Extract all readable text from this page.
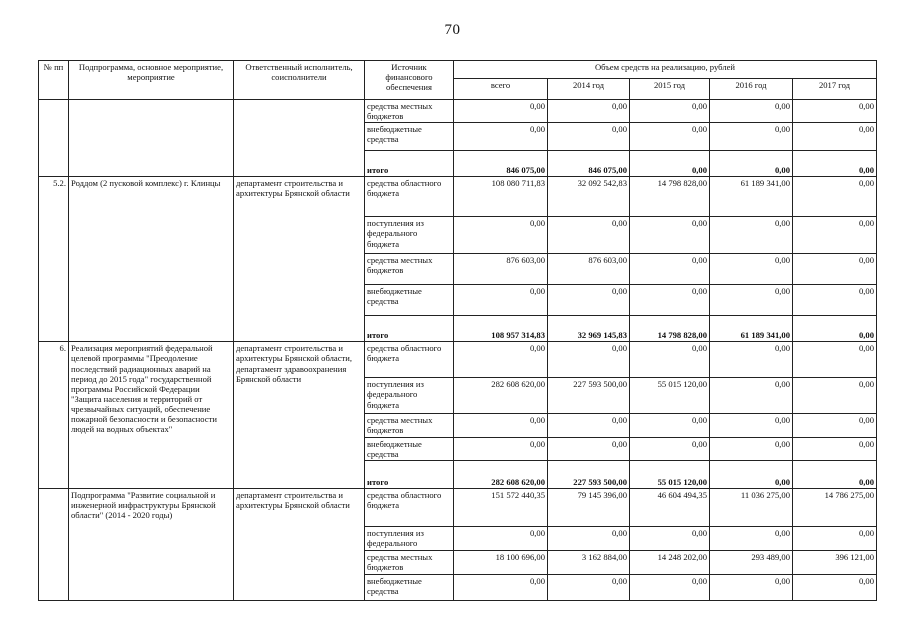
70
№ пп	Подпрограмма, основное мероприятие, мероприятие	Ответственный исполнитель, соисполнители	Источник финансового обеспечения	Объем средств на реализацию, рублей				
				всего	2014 год	2015 год	2016 год	2017 год
			средства местных бюджетов	0,00	0,00	0,00	0,00	0,00
			внебюджетные средства	0,00	0,00	0,00	0,00	0,00
			итого	846 075,00	846 075,00	0,00	0,00	0,00
5.2.	Роддом (2 пусковой комплекс) г. Клинцы	департамент строительства и архитектуры Брянской области	средства областного бюджета	108 080 711,83	32 092 542,83	14 798 828,00	61 189 341,00	0,00
			поступления из федерального бюджета	0,00	0,00	0,00	0,00	0,00
			средства местных бюджетов	876 603,00	876 603,00	0,00	0,00	0,00
			внебюджетные средства	0,00	0,00	0,00	0,00	0,00
			итого	108 957 314,83	32 969 145,83	14 798 828,00	61 189 341,00	0,00
6.	Реализация мероприятий федеральной целевой программы "Преодоление последствий радиационных аварий на период до 2015 года" государственной программы Российской Федерации "Защита населения и территорий от чрезвычайных ситуаций, обеспечение пожарной безопасности и безопасности людей на водных объектах"	департамент строительства и архитектуры Брянской области, департамент здравоохранения Брянской области	средства областного бюджета	0,00	0,00	0,00	0,00	0,00
			поступления из федерального бюджета	282 608 620,00	227 593 500,00	55 015 120,00	0,00	0,00
			средства местных бюджетов	0,00	0,00	0,00	0,00	0,00
			внебюджетные средства	0,00	0,00	0,00	0,00	0,00
			итого	282 608 620,00	227 593 500,00	55 015 120,00	0,00	0,00
	Подпрограмма "Развитие социальной и инженерной инфраструктуры Брянской области" (2014 - 2020 годы)	департамент строительства и архитектуры Брянской области	средства областного бюджета	151 572 440,35	79 145 396,00	46 604 494,35	11 036 275,00	14 786 275,00
			поступления из федерального	0,00	0,00	0,00	0,00	0,00
			средства местных бюджетов	18 100 696,00	3 162 884,00	14 248 202,00	293 489,00	396 121,00
			внебюджетные средства	0,00	0,00	0,00	0,00	0,00
